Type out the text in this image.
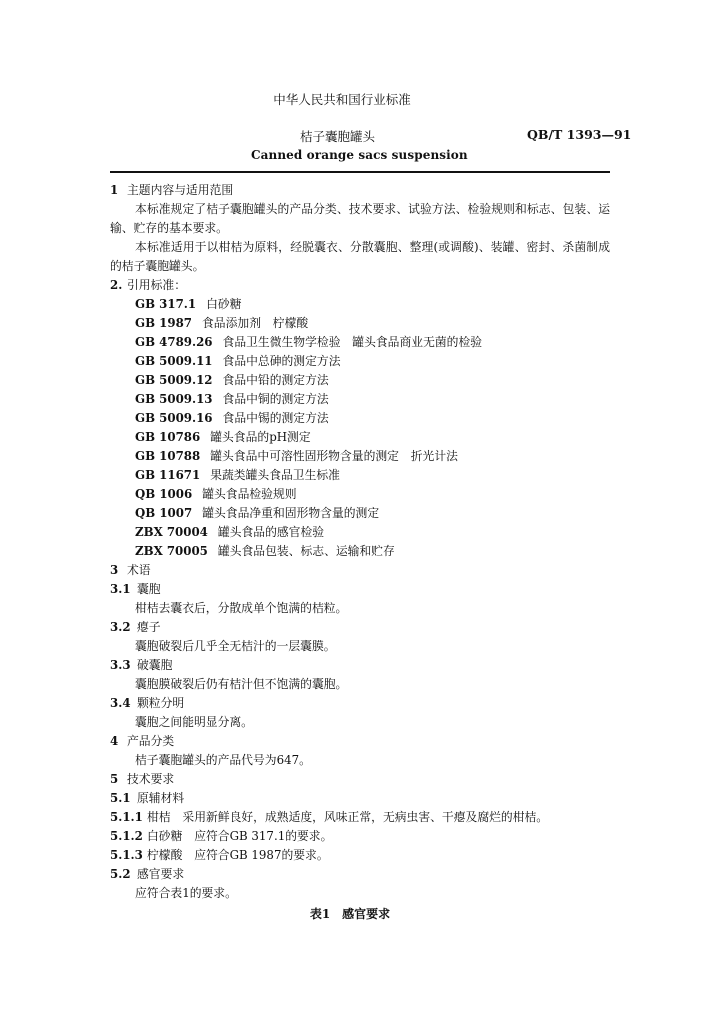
中华人民共和国行业标准
桔子囊胞罐头	QB/T 1393—91
Canned orange sacs suspension
1 主题内容与适用范围
本标准规定了桔子囊胞罐头的产品分类、技术要求、试验方法、检验规则和标志、包装、运输、贮存的基本要求。
本标准适用于以柑桔为原料，经脱囊衣、分散囊胞、整理(或调酸)、装罐、密封、杀菌制成的桔子囊胞罐头。
2. 引用标准：
GB 317.1 白砂糖
GB 1987 食品添加剂　柠檬酸
GB 4789.26 食品卫生微生物学检验　罐头食品商业无菌的检验
GB 5009.11 食品中总砷的测定方法
GB 5009.12 食品中铅的测定方法
GB 5009.13 食品中铜的测定方法
GB 5009.16 食品中锡的测定方法
GB 10786 罐头食品的pH测定
GB 10788 罐头食品中可溶性固形物含量的测定　折光计法
GB 11671 果蔬类罐头食品卫生标准
QB 1006 罐头食品检验规则
QB 1007 罐头食品净重和固形物含量的测定
ZBX 70004 罐头食品的感官检验
ZBX 70005 罐头食品包装、标志、运输和贮存
3 术语
3.1 囊胞
柑桔去囊衣后，分散成单个饱满的桔粒。
3.2 瘪子
囊胞破裂后几乎全无桔汁的一层囊膜。
3.3 破囊胞
囊胞膜破裂后仍有桔汁但不饱满的囊胞。
3.4 颗粒分明
囊胞之间能明显分离。
4 产品分类
桔子囊胞罐头的产品代号为647。
5 技术要求
5.1 原辅材料
5.1.1 柑桔　采用新鲜良好，成熟适度，风味正常，无病虫害、干瘪及腐烂的柑桔。
5.1.2 白砂糖　应符合GB 317.1的要求。
5.1.3 柠檬酸　应符合GB 1987的要求。
5.2 感官要求
应符合表1的要求。
表1　感官要求
